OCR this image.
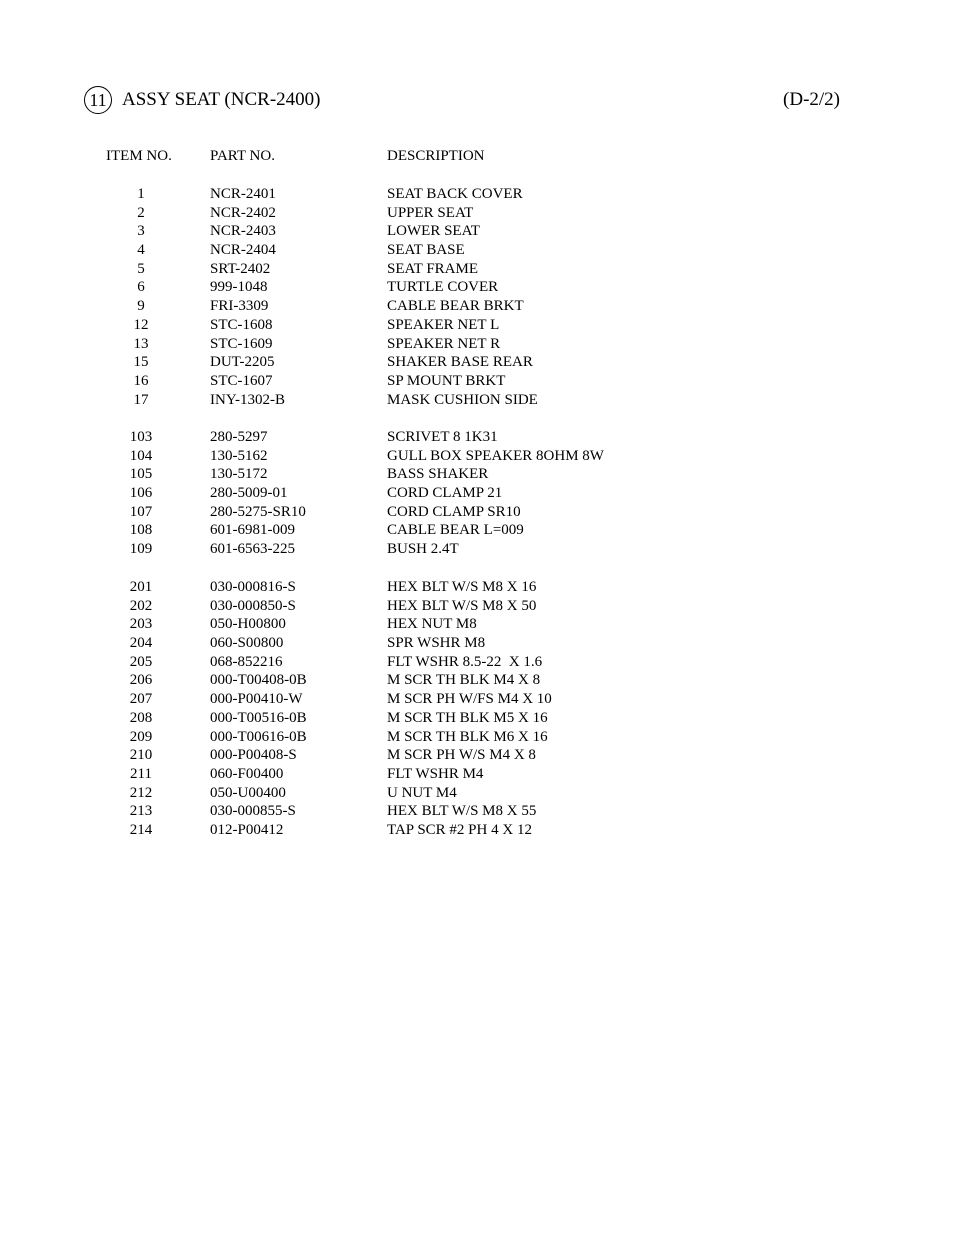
11 ASSY SEAT (NCR-2400)	(D-2/2)
ITEM NO.	PART NO.	DESCRIPTION
1	NCR-2401	SEAT BACK COVER
2	NCR-2402	UPPER SEAT
3	NCR-2403	LOWER SEAT
4	NCR-2404	SEAT BASE
5	SRT-2402	SEAT FRAME
6	999-1048	TURTLE COVER
9	FRI-3309	CABLE BEAR BRKT
12	STC-1608	SPEAKER NET L
13	STC-1609	SPEAKER NET R
15	DUT-2205	SHAKER BASE REAR
16	STC-1607	SP MOUNT BRKT
17	INY-1302-B	MASK CUSHION SIDE
103	280-5297	SCRIVET 8 1K31
104	130-5162	GULL BOX SPEAKER 8OHM 8W
105	130-5172	BASS SHAKER
106	280-5009-01	CORD CLAMP 21
107	280-5275-SR10	CORD CLAMP SR10
108	601-6981-009	CABLE BEAR L=009
109	601-6563-225	BUSH 2.4T
201	030-000816-S	HEX BLT W/S M8 X 16
202	030-000850-S	HEX BLT W/S M8 X 50
203	050-H00800	HEX NUT M8
204	060-S00800	SPR WSHR M8
205	068-852216	FLT WSHR 8.5-22  X 1.6
206	000-T00408-0B	M SCR TH BLK M4 X 8
207	000-P00410-W	M SCR PH W/FS M4 X 10
208	000-T00516-0B	M SCR TH BLK M5 X 16
209	000-T00616-0B	M SCR TH BLK M6 X 16
210	000-P00408-S	M SCR PH W/S M4 X 8
211	060-F00400	FLT WSHR M4
212	050-U00400	U NUT M4
213	030-000855-S	HEX BLT W/S M8 X 55
214	012-P00412	TAP SCR #2 PH 4 X 12
